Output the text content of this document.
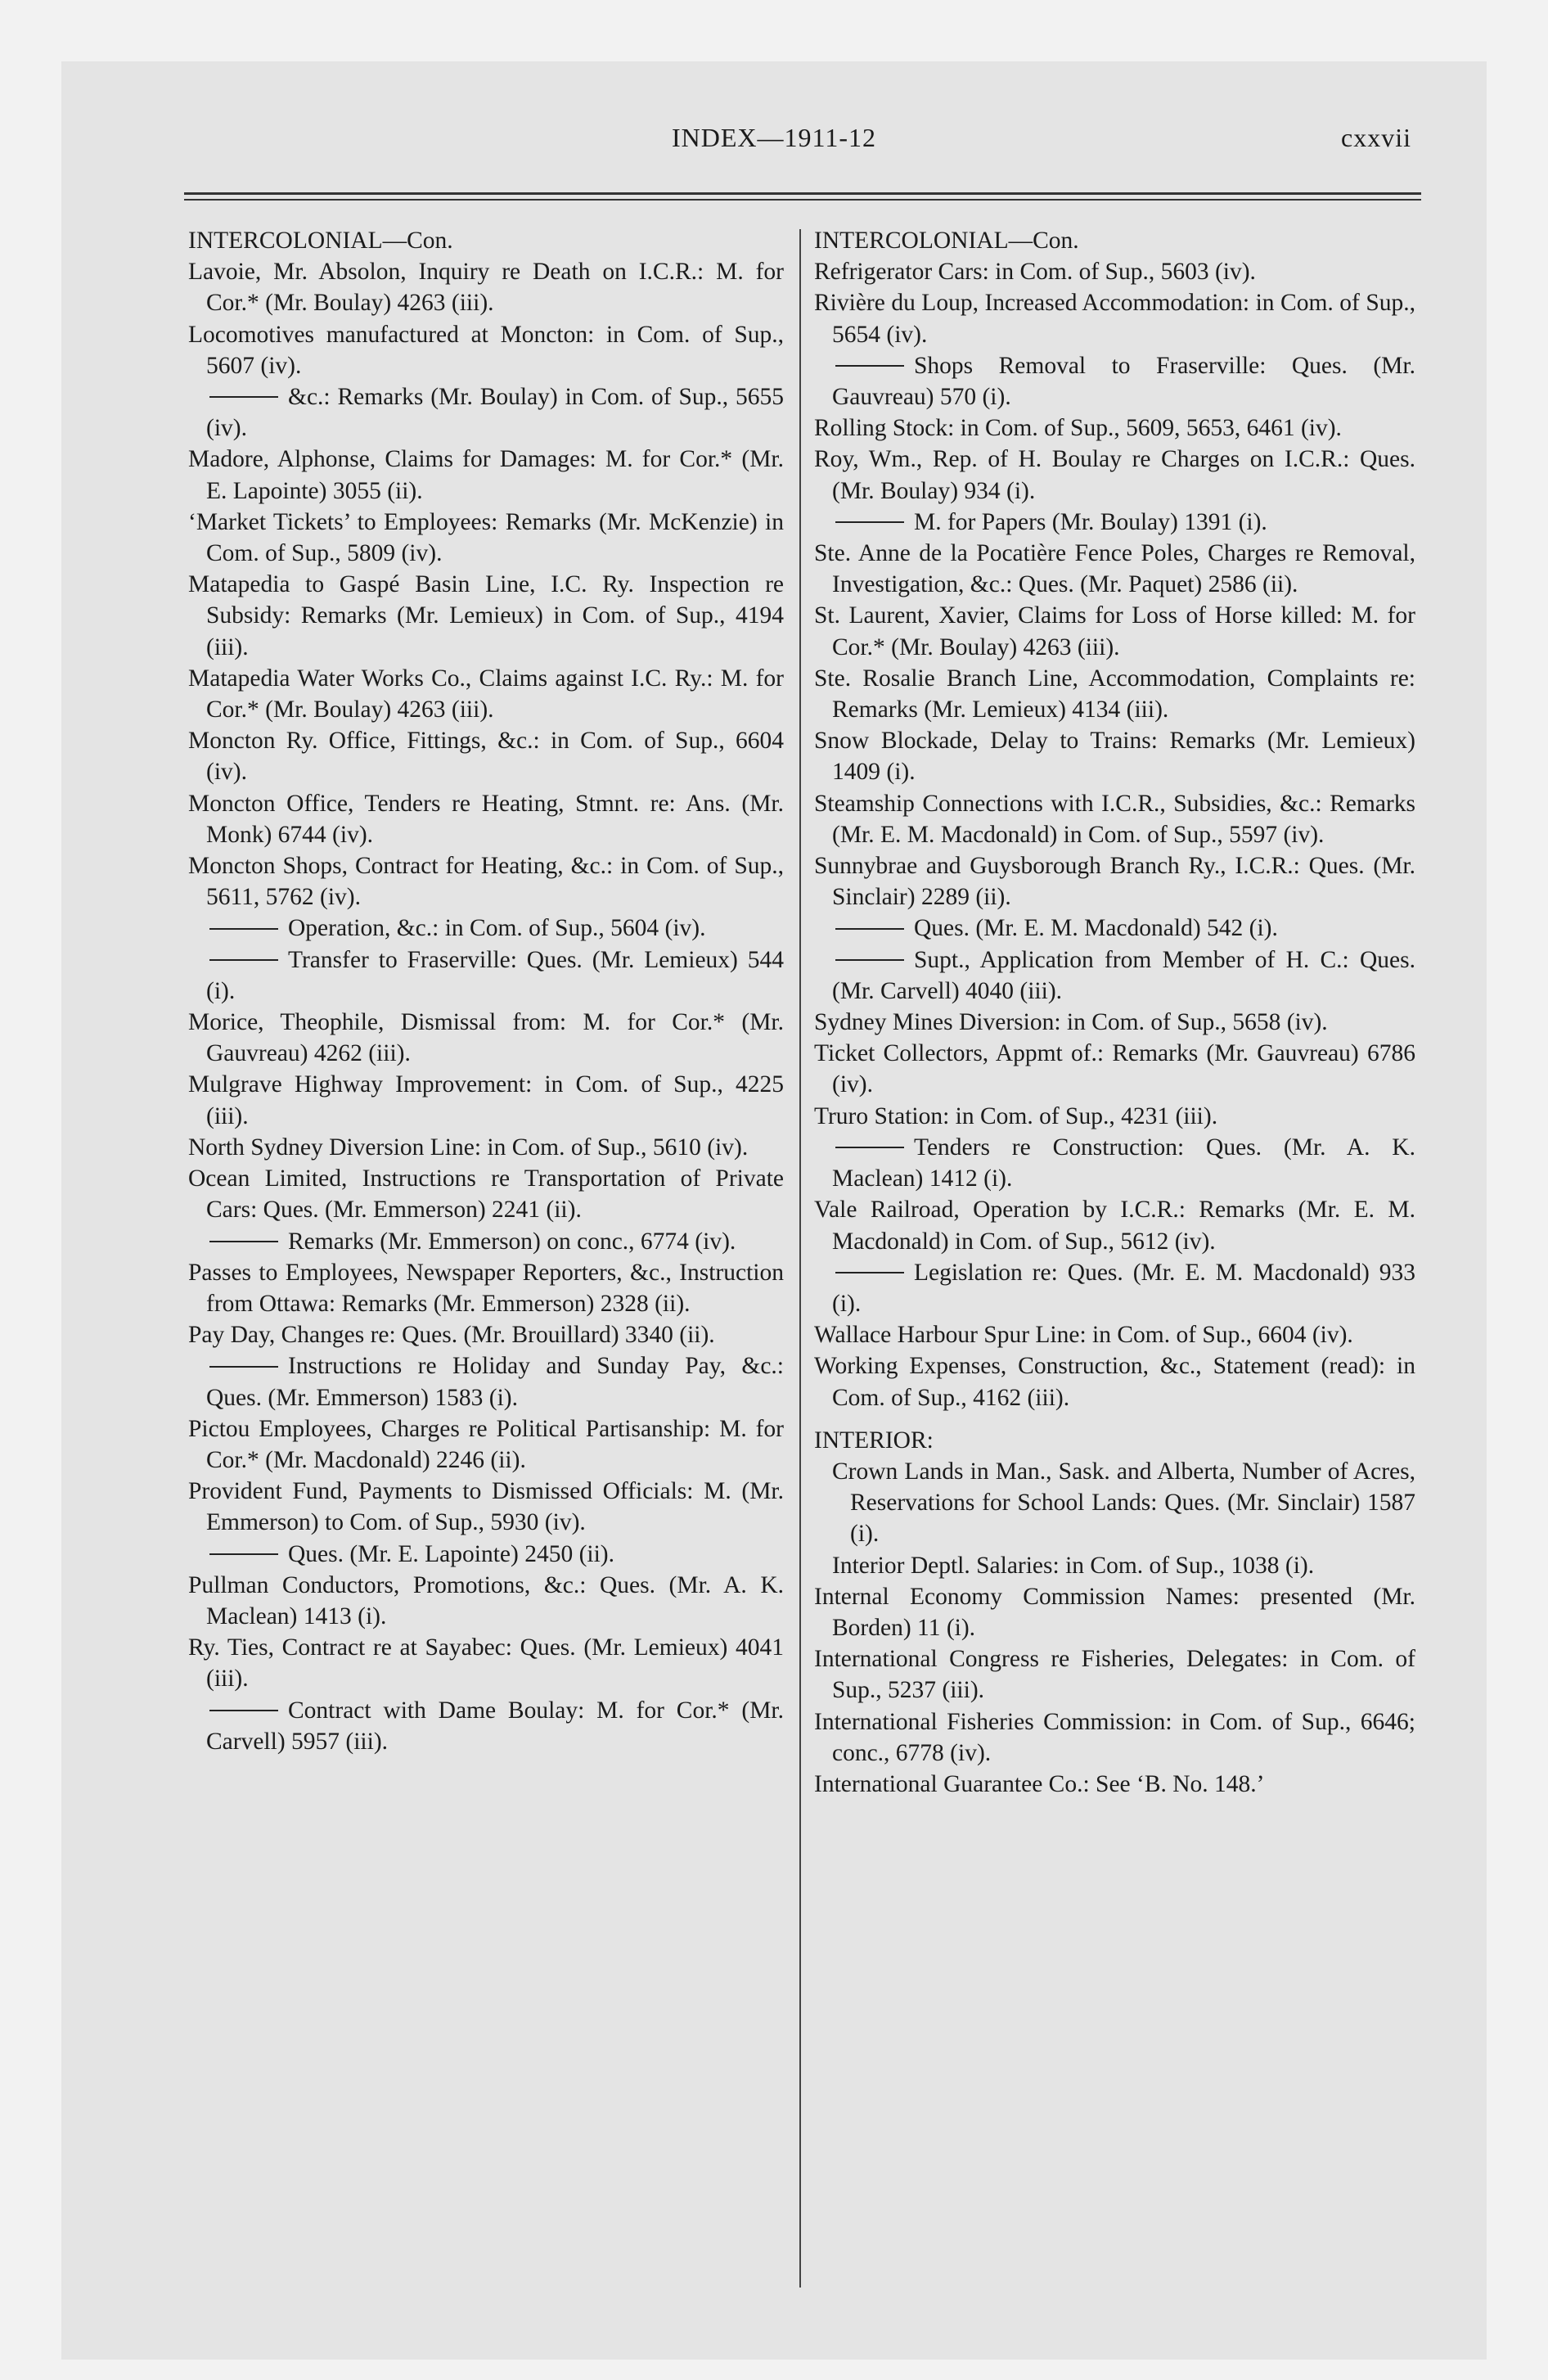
INDEX—1911-12	cxxvii
INTERCOLONIAL—Con.

Lavoie, Mr. Absolon, Inquiry re Death on I.C.R.: M. for Cor.* (Mr. Boulay) 4263 (iii).

Locomotives manufactured at Moncton: in Com. of Sup., 5607 (iv).

&c.: Remarks (Mr. Boulay) in Com. of Sup., 5655 (iv).

Madore, Alphonse, Claims for Damages: M. for Cor.* (Mr. E. Lapointe) 3055 (ii).

‘Market Tickets’ to Employees: Remarks (Mr. McKenzie) in Com. of Sup., 5809 (iv).

Matapedia to Gaspé Basin Line, I.C. Ry. Inspection re Subsidy: Remarks (Mr. Lemieux) in Com. of Sup., 4194 (iii).

Matapedia Water Works Co., Claims against I.C. Ry.: M. for Cor.* (Mr. Boulay) 4263 (iii).

Moncton Ry. Office, Fittings, &c.: in Com. of Sup., 6604 (iv).

Moncton Office, Tenders re Heating, Stmnt. re: Ans. (Mr. Monk) 6744 (iv).

Moncton Shops, Contract for Heating, &c.: in Com. of Sup., 5611, 5762 (iv).

Operation, &c.: in Com. of Sup., 5604 (iv).

Transfer to Fraserville: Ques. (Mr. Lemieux) 544 (i).

Morice, Theophile, Dismissal from: M. for Cor.* (Mr. Gauvreau) 4262 (iii).

Mulgrave Highway Improvement: in Com. of Sup., 4225 (iii).

North Sydney Diversion Line: in Com. of Sup., 5610 (iv).

Ocean Limited, Instructions re Transportation of Private Cars: Ques. (Mr. Emmerson) 2241 (ii).

Remarks (Mr. Emmerson) on conc., 6774 (iv).

Passes to Employees, Newspaper Reporters, &c., Instruction from Ottawa: Remarks (Mr. Emmerson) 2328 (ii).

Pay Day, Changes re: Ques. (Mr. Brouillard) 3340 (ii).

Instructions re Holiday and Sunday Pay, &c.: Ques. (Mr. Emmerson) 1583 (i).

Pictou Employees, Charges re Political Partisanship: M. for Cor.* (Mr. Macdonald) 2246 (ii).

Provident Fund, Payments to Dismissed Officials: M. (Mr. Emmerson) to Com. of Sup., 5930 (iv).

Ques. (Mr. E. Lapointe) 2450 (ii).

Pullman Conductors, Promotions, &c.: Ques. (Mr. A. K. Maclean) 1413 (i).

Ry. Ties, Contract re at Sayabec: Ques. (Mr. Lemieux) 4041 (iii).

Contract with Dame Boulay: M. for Cor.* (Mr. Carvell) 5957 (iii).

INTERCOLONIAL—Con.

Refrigerator Cars: in Com. of Sup., 5603 (iv).

Rivière du Loup, Increased Accommodation: in Com. of Sup., 5654 (iv).

Shops Removal to Fraserville: Ques. (Mr. Gauvreau) 570 (i).

Rolling Stock: in Com. of Sup., 5609, 5653, 6461 (iv).

Roy, Wm., Rep. of H. Boulay re Charges on I.C.R.: Ques. (Mr. Boulay) 934 (i).

M. for Papers (Mr. Boulay) 1391 (i).

Ste. Anne de la Pocatière Fence Poles, Charges re Removal, Investigation, &c.: Ques. (Mr. Paquet) 2586 (ii).

St. Laurent, Xavier, Claims for Loss of Horse killed: M. for Cor.* (Mr. Boulay) 4263 (iii).

Ste. Rosalie Branch Line, Accommodation, Complaints re: Remarks (Mr. Lemieux) 4134 (iii).

Snow Blockade, Delay to Trains: Remarks (Mr. Lemieux) 1409 (i).

Steamship Connections with I.C.R., Subsidies, &c.: Remarks (Mr. E. M. Macdonald) in Com. of Sup., 5597 (iv).

Sunnybrae and Guysborough Branch Ry., I.C.R.: Ques. (Mr. Sinclair) 2289 (ii).

Ques. (Mr. E. M. Macdonald) 542 (i).

Supt., Application from Member of H. C.: Ques. (Mr. Carvell) 4040 (iii).

Sydney Mines Diversion: in Com. of Sup., 5658 (iv).

Ticket Collectors, Appmt of.: Remarks (Mr. Gauvreau) 6786 (iv).

Truro Station: in Com. of Sup., 4231 (iii).

Tenders re Construction: Ques. (Mr. A. K. Maclean) 1412 (i).

Vale Railroad, Operation by I.C.R.: Remarks (Mr. E. M. Macdonald) in Com. of Sup., 5612 (iv).

Legislation re: Ques. (Mr. E. M. Macdonald) 933 (i).

Wallace Harbour Spur Line: in Com. of Sup., 6604 (iv).

Working Expenses, Construction, &c., Statement (read): in Com. of Sup., 4162 (iii).

INTERIOR:

Crown Lands in Man., Sask. and Alberta, Number of Acres, Reservations for School Lands: Ques. (Mr. Sinclair) 1587 (i).

Interior Deptl. Salaries: in Com. of Sup., 1038 (i).

Internal Economy Commission Names: presented (Mr. Borden) 11 (i).

International Congress re Fisheries, Delegates: in Com. of Sup., 5237 (iii).

International Fisheries Commission: in Com. of Sup., 6646; conc., 6778 (iv).

International Guarantee Co.: See ‘B. No. 148.’
